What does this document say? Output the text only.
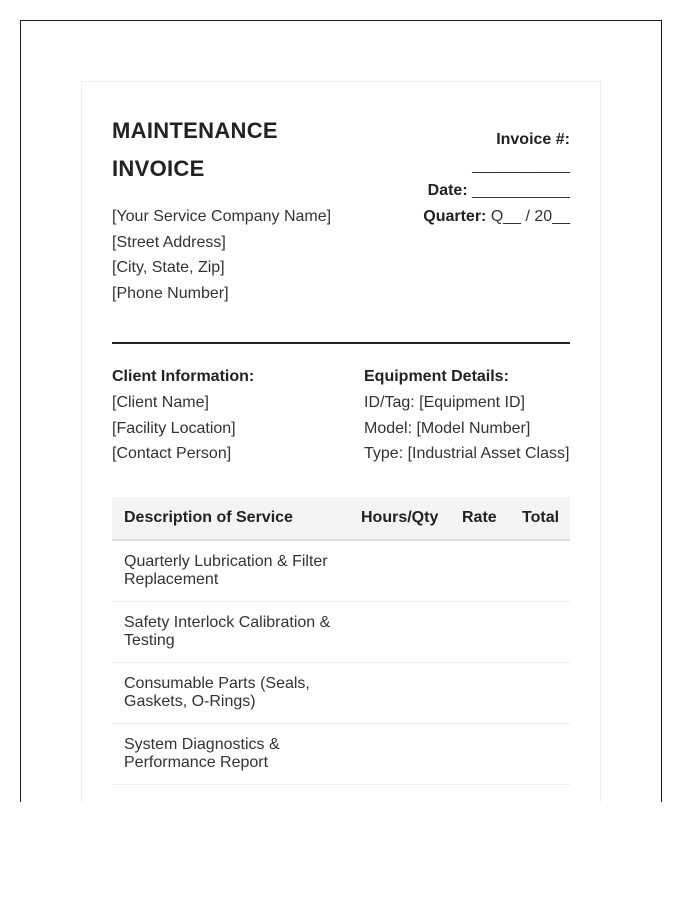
MAINTENANCE
INVOICE
[Your Service Company Name]
[Street Address]
[City, State, Zip]
[Phone Number]
Invoice #:
___________
Date: ___________
Quarter: Q__ / 20__
Client Information:
[Client Name]
[Facility Location]
[Contact Person]
Equipment Details:
ID/Tag: [Equipment ID]
Model: [Model Number]
Type: [Industrial Asset Class]
Description of Service	Hours/Qty	Rate	Total
Quarterly Lubrication & Filter Replacement			
Safety Interlock Calibration & Testing			
Consumable Parts (Seals, Gaskets, O-Rings)			
System Diagnostics & Performance Report			
